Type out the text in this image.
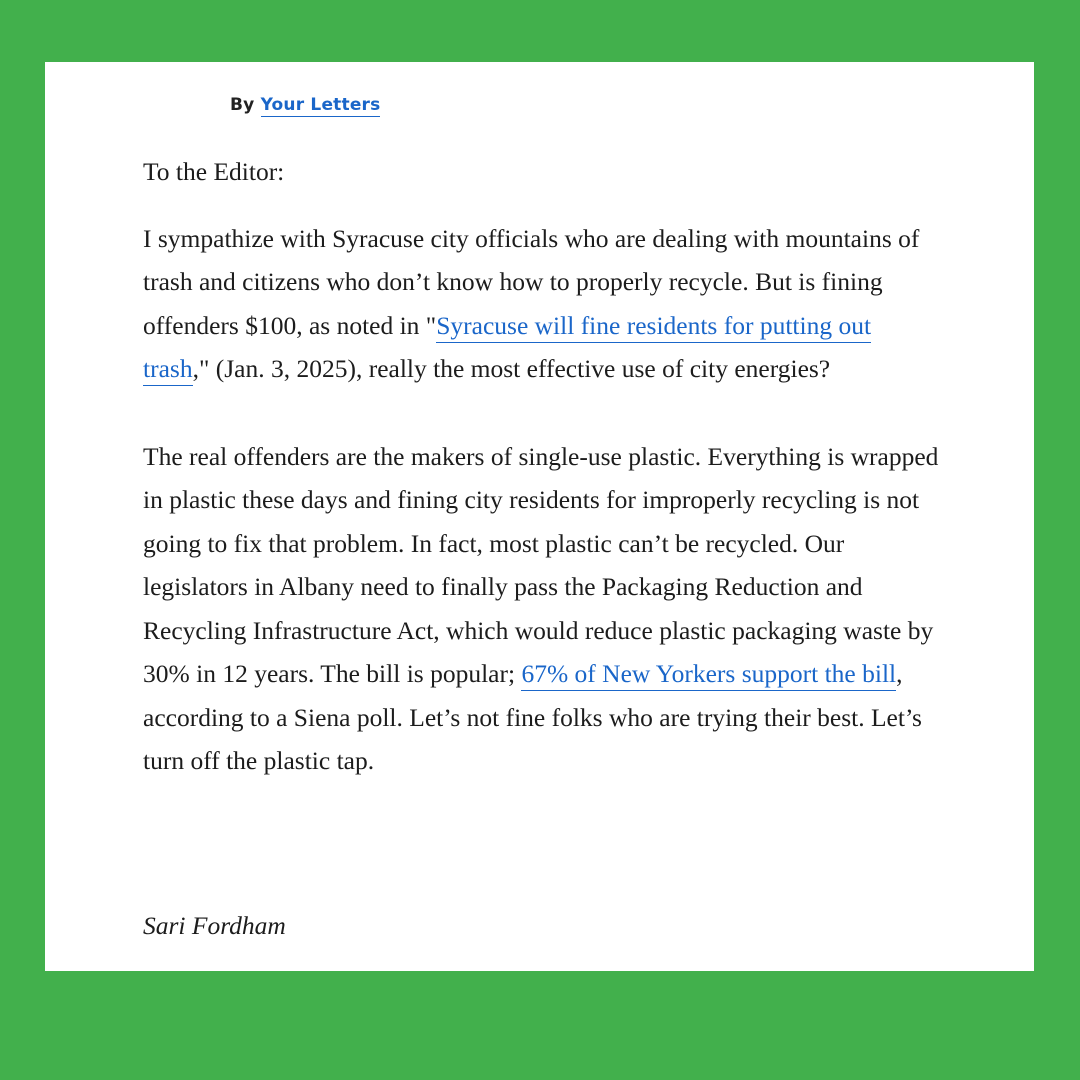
By Your Letters

To the Editor:

I sympathize with Syracuse city officials who are dealing with mountains of trash and citizens who don’t know how to properly recycle. But is fining offenders $100, as noted in "Syracuse will fine residents for putting out trash," (Jan. 3, 2025), really the most effective use of city energies?

The real offenders are the makers of single-use plastic. Everything is wrapped in plastic these days and fining city residents for improperly recycling is not going to fix that problem. In fact, most plastic can’t be recycled. Our legislators in Albany need to finally pass the Packaging Reduction and Recycling Infrastructure Act, which would reduce plastic packaging waste by 30% in 12 years. The bill is popular; 67% of New Yorkers support the bill, according to a Siena poll. Let’s not fine folks who are trying their best. Let’s turn off the plastic tap.

Sari Fordham
